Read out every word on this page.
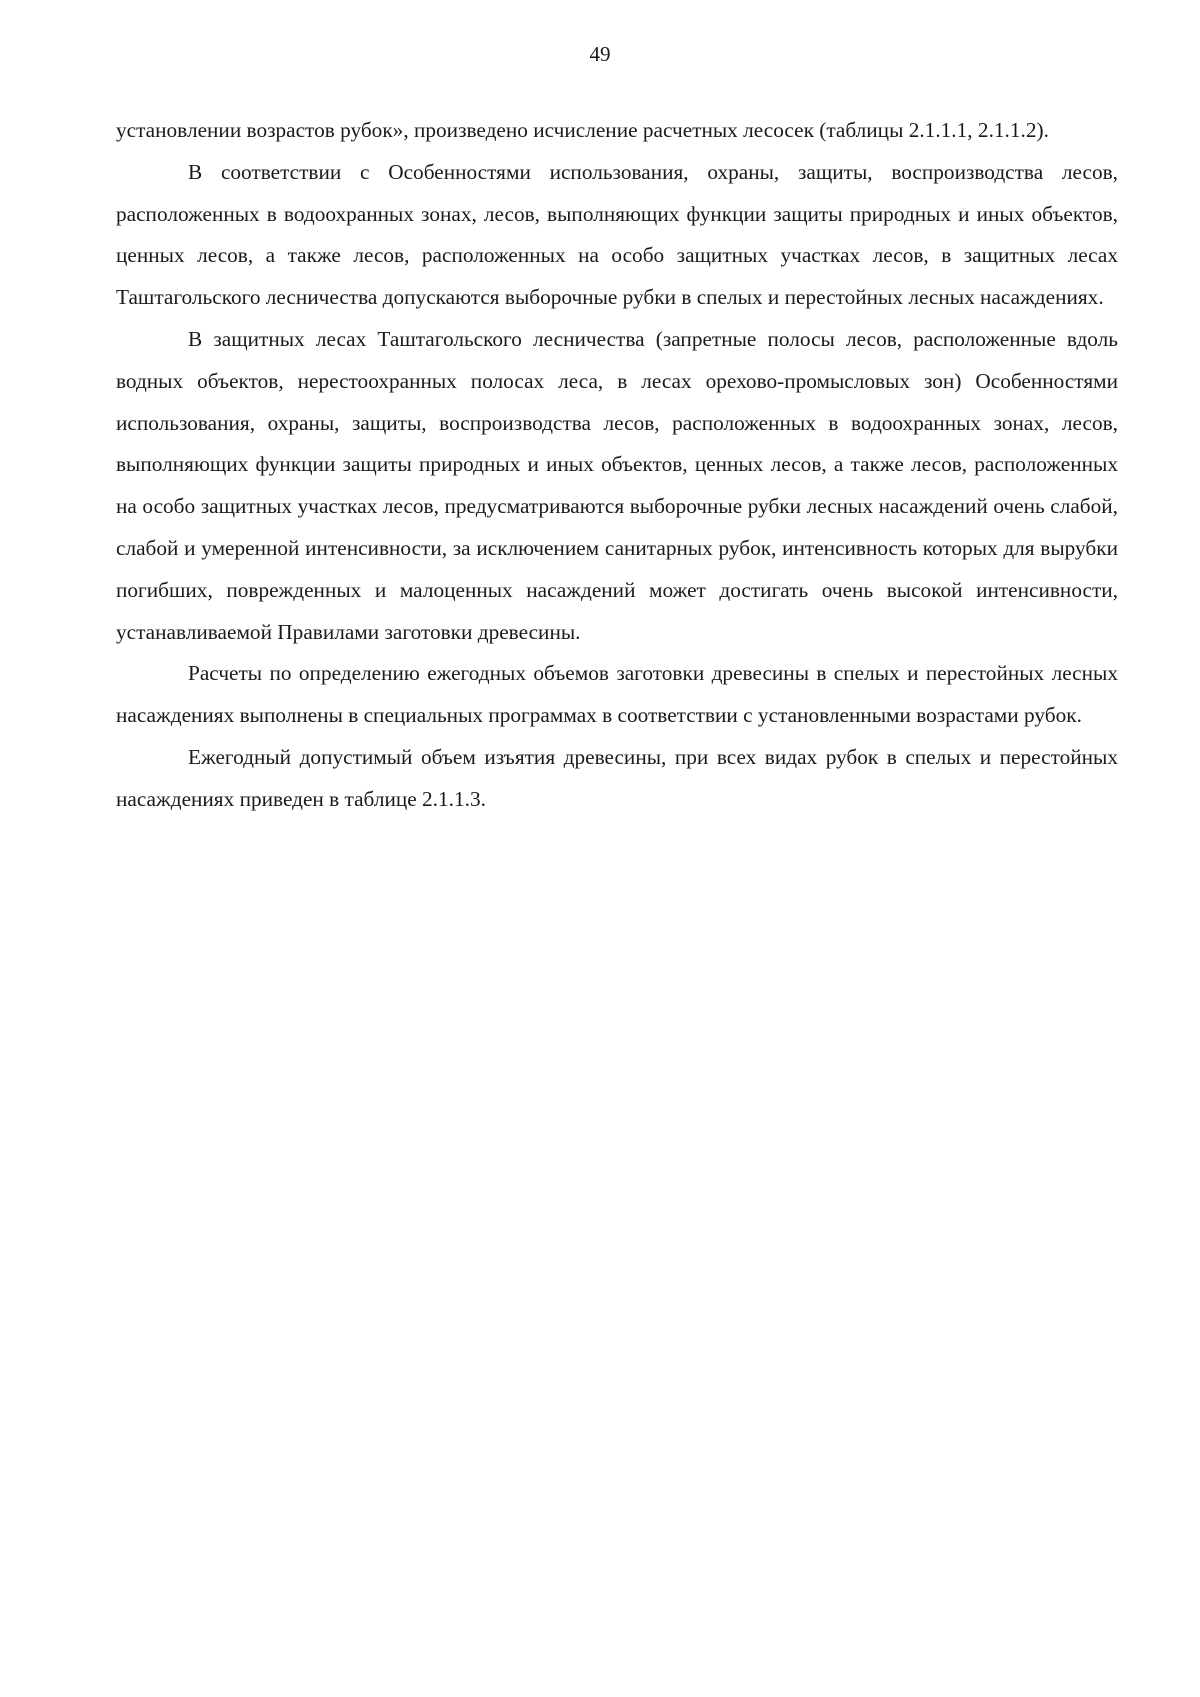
49

установлении возрастов рубок», произведено исчисление расчетных лесосек (таблицы 2.1.1.1, 2.1.1.2).

В соответствии с Особенностями использования, охраны, защиты, воспроизводства лесов, расположенных в водоохранных зонах, лесов, выполняющих функции защиты природных и иных объектов, ценных лесов, а также лесов, расположенных на особо защитных участках лесов, в защитных лесах Таштагольского лесничества допускаются выборочные рубки в спелых и перестойных лесных насаждениях.

В защитных лесах Таштагольского лесничества (запретные полосы лесов, расположенные вдоль водных объектов, нерестоохранных полосах леса, в лесах орехово-промысловых зон) Особенностями использования, охраны, защиты, воспроизводства лесов, расположенных в водоохранных зонах, лесов, выполняющих функции защиты природных и иных объектов, ценных лесов, а также лесов, расположенных на особо защитных участках лесов, предусматриваются выборочные рубки лесных насаждений очень слабой, слабой и умеренной интенсивности, за исключением санитарных рубок, интенсивность которых для вырубки погибших, поврежденных и малоценных насаждений может достигать очень высокой интенсивности, устанавливаемой Правилами заготовки древесины.

Расчеты по определению ежегодных объемов заготовки древесины в спелых и перестойных лесных насаждениях выполнены в специальных программах в соответствии с установленными возрастами рубок.

Ежегодный допустимый объем изъятия древесины, при всех видах рубок в спелых и перестойных насаждениях приведен в таблице 2.1.1.3.
